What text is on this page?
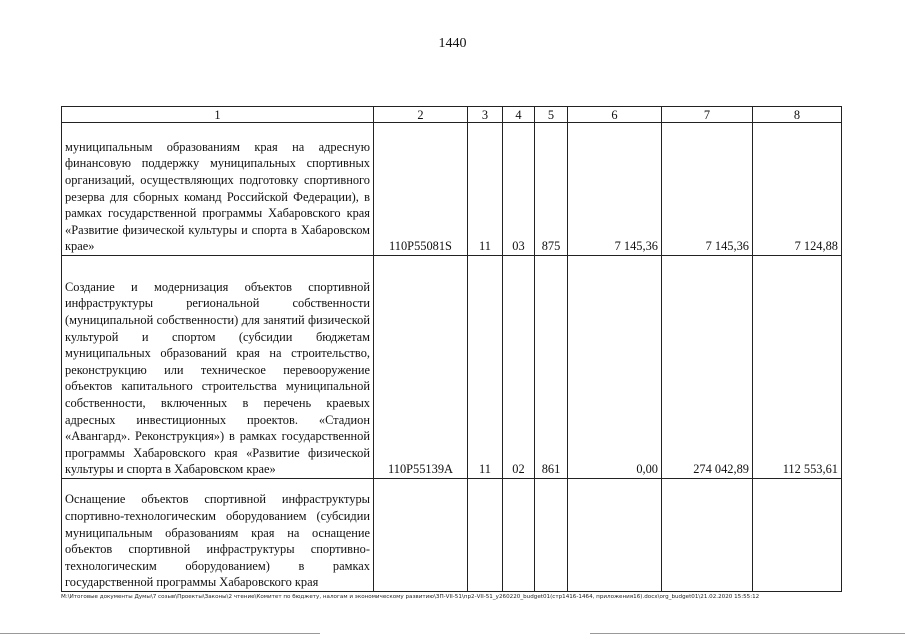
1440
1	2	3	4	5	6	7	8
муниципальным образованиям края на адресную финансовую поддержку муниципальных спортивных организаций, осуществляющих подготовку спортивного резерва для сборных команд Российской Федерации), в рамках государственной программы Хабаровского края «Развитие физической культуры и спорта в Хабаровском крае»	110P55081S	11	03	875	7 145,36	7 145,36	7 124,88
Создание и модернизация объектов спортивной инфраструктуры региональной собственности (муниципальной собственности) для занятий физической культурой и спортом (субсидии бюджетам муниципальных образований края на строительство, реконструкцию или техническое перевооружение объектов капитального строительства муниципальной собственности, включенных в перечень краевых адресных инвестиционных проектов. «Стадион «Авангард». Реконструкция») в рамках государственной программы Хабаровского края «Развитие физической культуры и спорта в Хабаровском крае»	110P55139A	11	02	861	0,00	274 042,89	112 553,61
Оснащение объектов спортивной инфраструктуры спортивно-технологическим оборудованием (субсидии муниципальным образованиям края на оснащение объектов спортивной инфраструктуры спортивно-технологическим оборудованием) в рамках государственной программы Хабаровского края							
M:\Итоговые документы Думы\7 созыв\Проекты\Законы\2 чтение\Комитет по бюджету, налогам и экономическому развитию\ЗП-VII-51\пр2-VII-51_у260220_budget01(стр1416-1464, приложения16).docx\org_budget01\21.02.2020 15:55:12
